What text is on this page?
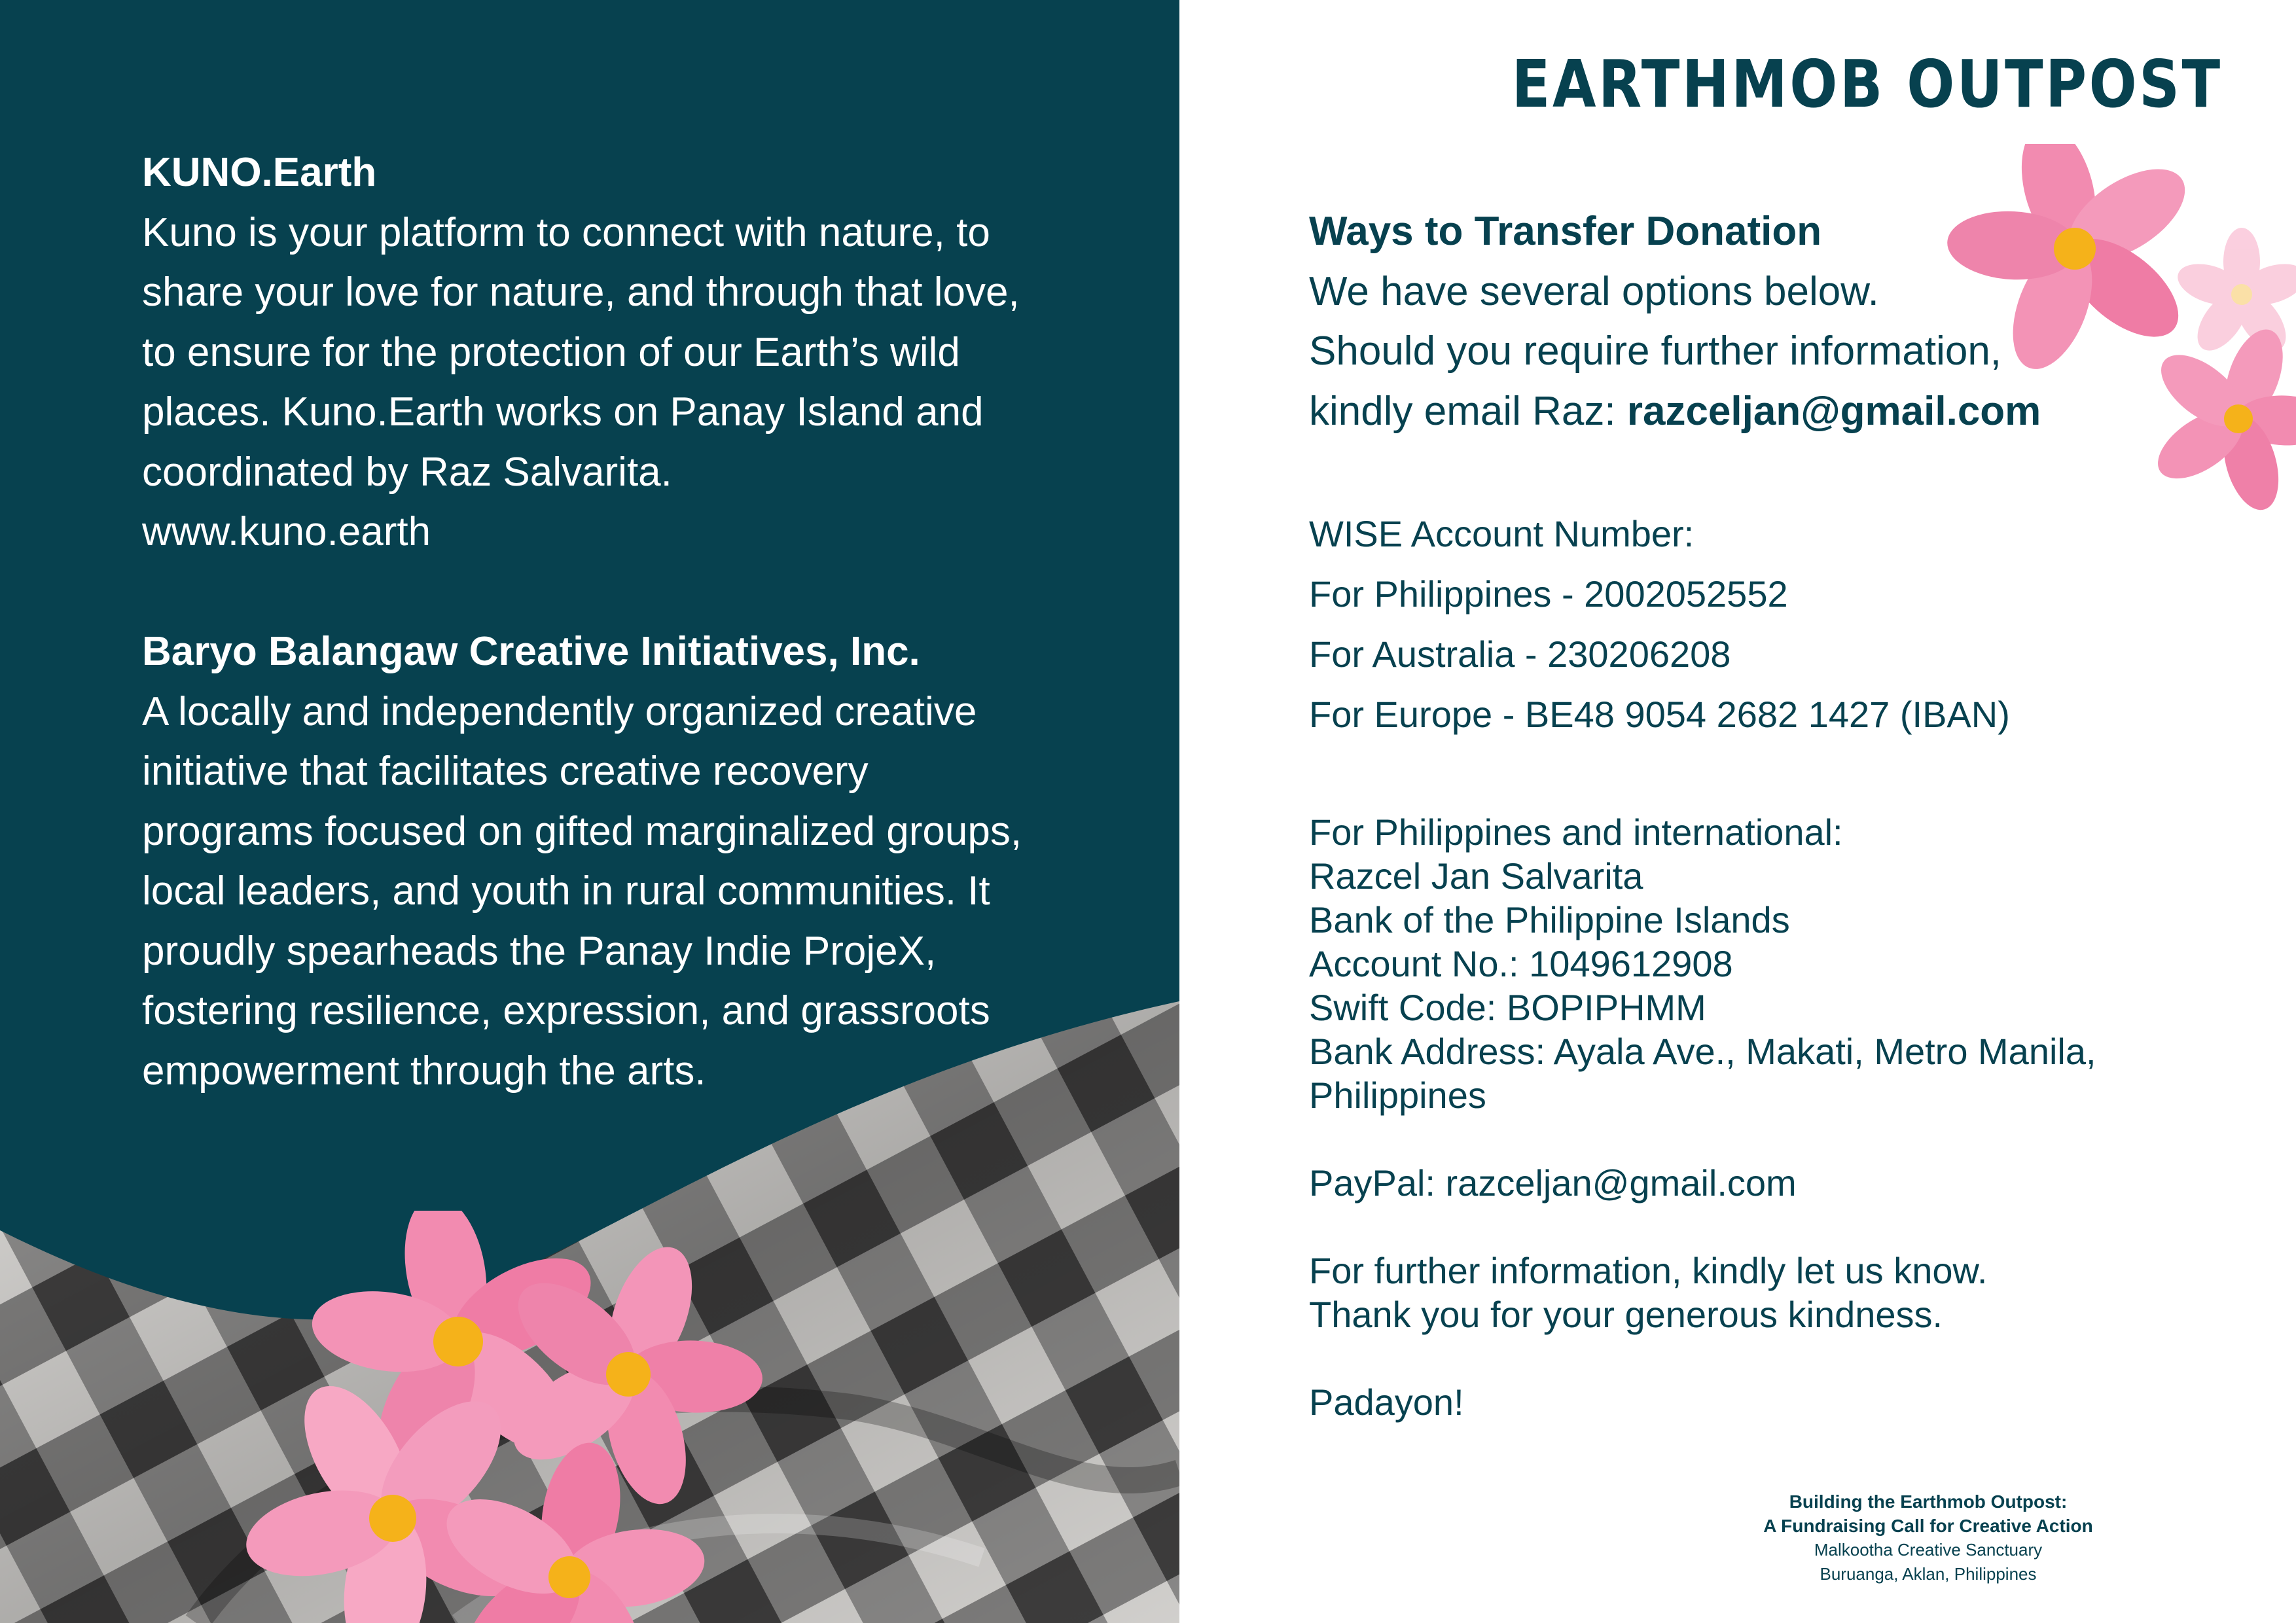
KUNO.Earth

Kuno is your platform to connect with nature, to

share your love for nature, and through that love,

to ensure for the protection of our Earth’s wild

places. Kuno.Earth works on Panay Island and

coordinated by Raz Salvarita.

www.kuno.earth

Baryo Balangaw Creative Initiatives, Inc.

A locally and independently organized creative

initiative that facilitates creative recovery

programs focused on gifted marginalized groups,

local leaders, and youth in rural communities. It

proudly spearheads the Panay Indie ProjeX,

fostering resilience, expression, and grassroots

empowerment through the arts.

EARTHMOB OUTPOST

Ways to Transfer Donation

We have several options below.

Should you require further information,

kindly email Raz: razceljan@gmail.com

WISE Account Number:

For Philippines - 2002052552

For Australia - 230206208

For Europe - BE48 9054 2682 1427 (IBAN)

For Philippines and international:

Razcel Jan Salvarita

Bank of the Philippine Islands

Account No.: 1049612908

Swift Code: BOPIPHMM

Bank Address: Ayala Ave., Makati, Metro Manila,

Philippines

PayPal: razceljan@gmail.com

For further information, kindly let us know.

Thank you for your generous kindness.

Padayon!

Building the Earthmob Outpost:

A Fundraising Call for Creative Action

Malkootha Creative Sanctuary

Buruanga, Aklan, Philippines
